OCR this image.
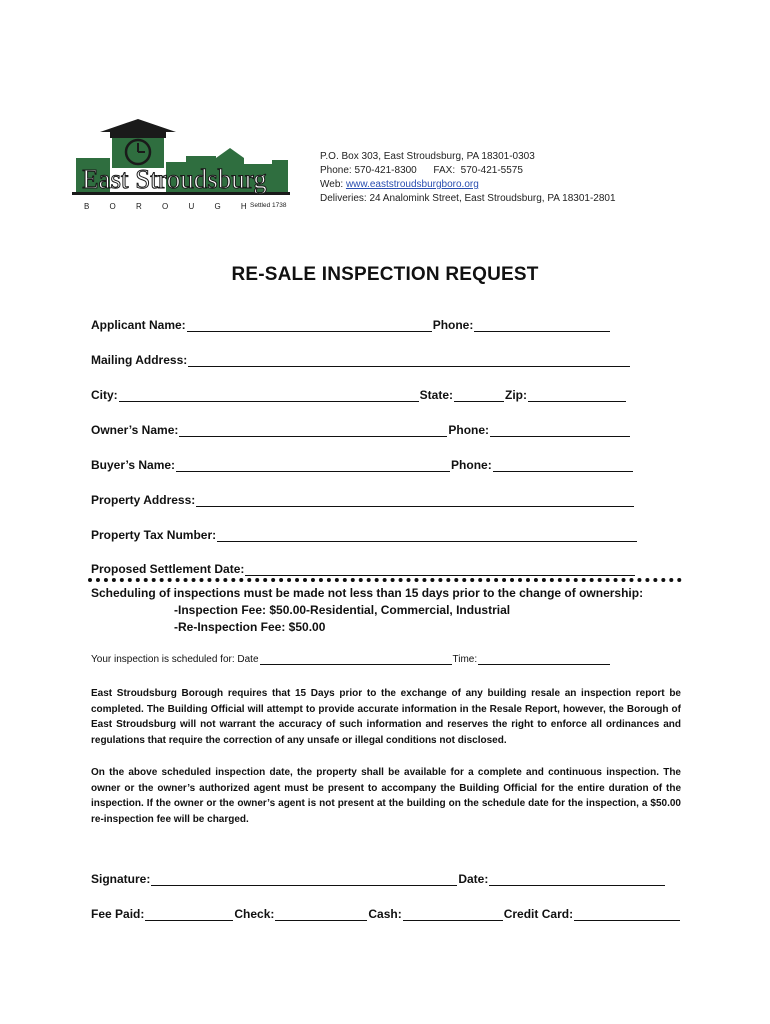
East Stroudsburg
B O R O U G H
Settled 1738
P.O. Box 303, East Stroudsburg, PA 18301-0303
Phone: 570-421-8300      FAX:  570-421-5575
Web: www.eaststroudsburgboro.org
Deliveries: 24 Analomink Street, East Stroudsburg, PA 18301-2801
RE-SALE INSPECTION REQUEST
Applicant Name:	Phone:
Mailing Address:
City:	State:	Zip:
Owner’s Name:	Phone:
Buyer’s Name:	Phone:
Property Address:
Property Tax Number:
Proposed Settlement Date:
Scheduling of inspections must be made not less than 15 days prior to the change of ownership:
-Inspection Fee: $50.00-Residential, Commercial, Industrial
-Re-Inspection Fee: $50.00
Your inspection is scheduled for: Date	Time:
East Stroudsburg Borough requires that 15 Days prior to the exchange of any building resale an inspection report be completed. The Building Official will attempt to provide accurate information in the Resale Report, however, the Borough of East Stroudsburg will not warrant the accuracy of such information and reserves the right to enforce all ordinances and regulations that require the correction of any unsafe or illegal conditions not disclosed.
On the above scheduled inspection date, the property shall be available for a complete and continuous inspection. The owner or the owner’s authorized agent must be present to accompany the Building Official for the entire duration of the inspection. If the owner or the owner’s agent is not present at the building on the schedule date for the inspection, a $50.00 re-inspection fee will be charged.
Signature:	Date:
Fee Paid:	Check:	Cash:	Credit Card:
